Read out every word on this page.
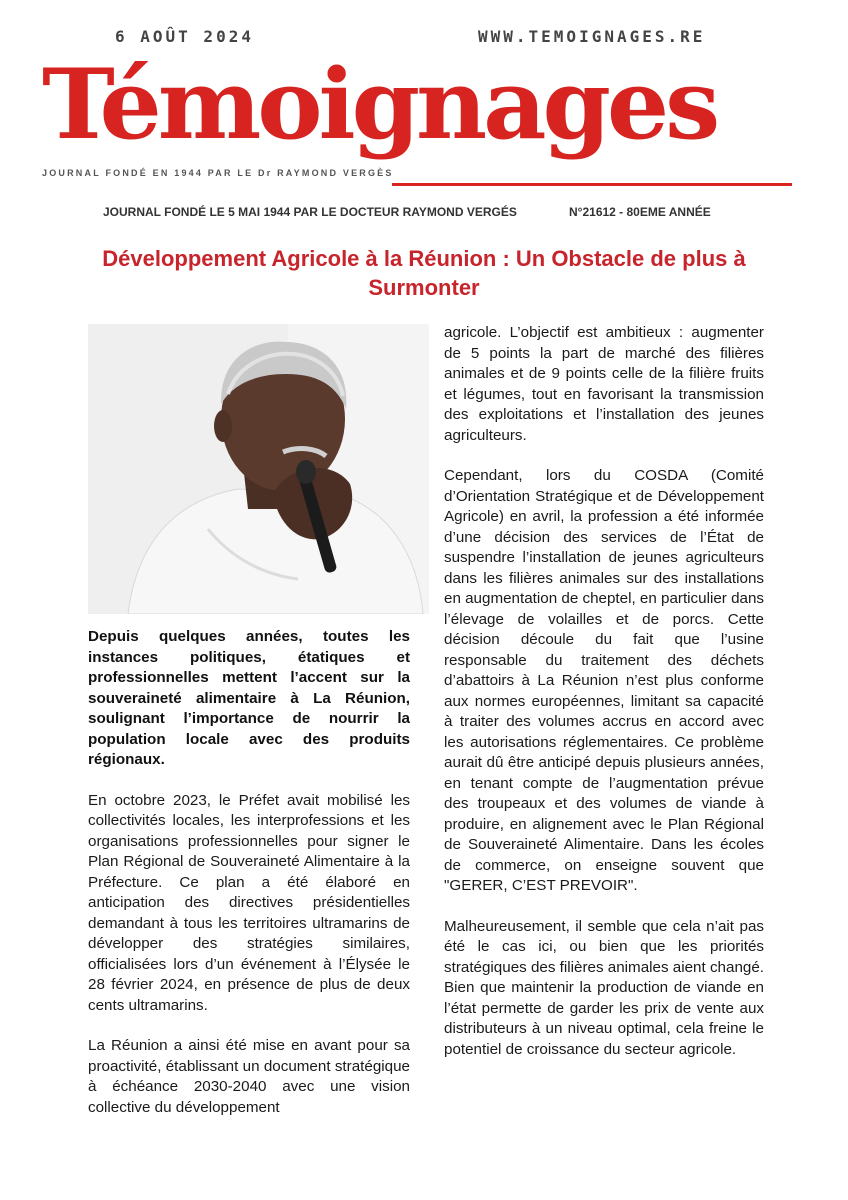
6 AOÛT 2024	WWW.TEMOIGNAGES.RE
Témoignages
JOURNAL FONDÉ EN 1944 PAR LE Dr RAYMOND VERGÈS
JOURNAL FONDÉ LE 5 MAI 1944 PAR LE DOCTEUR RAYMOND VERGÉS	N°21612 - 80EME ANNÉE
Développement Agricole à la Réunion : Un Obstacle de plus à Surmonter

Depuis quelques années, toutes les instances politiques, étatiques et professionnelles mettent l’accent sur la souveraineté alimentaire à La Réunion, soulignant l’importance de nourrir la population locale avec des produits régionaux.

En octobre 2023, le Préfet avait mobilisé les collectivités locales, les interprofessions et les organisations professionnelles pour signer le Plan Régional de Souveraineté Alimentaire à la Préfecture. Ce plan a été élaboré en anticipation des directives présidentielles demandant à tous les territoires ultramarins de développer des stratégies similaires, officialisées lors d’un événement à l’Élysée le 28 février 2024, en présence de plus de deux cents ultramarins.

La Réunion a ainsi été mise en avant pour sa proactivité, établissant un document stratégique à échéance 2030-2040 avec une vision collective du développement

agricole. L’objectif est ambitieux : augmenter de 5 points la part de marché des filières animales et de 9 points celle de la filière fruits et légumes, tout en favorisant la transmission des exploitations et l’installation des jeunes agriculteurs.

Cependant, lors du COSDA (Comité d’Orientation Stratégique et de Développement Agricole) en avril, la profession a été informée d’une décision des services de l’État de suspendre l’installation de jeunes agriculteurs dans les filières animales sur des installations en augmentation de cheptel, en particulier dans l’élevage de volailles et de porcs. Cette décision découle du fait que l’usine responsable du traitement des déchets d’abattoirs à La Réunion n’est plus conforme aux normes européennes, limitant sa capacité à traiter des volumes accrus en accord avec les autorisations réglementaires. Ce problème aurait dû être anticipé depuis plusieurs années, en tenant compte de l’augmentation prévue des troupeaux et des volumes de viande à produire, en alignement avec le Plan Régional de Souveraineté Alimentaire. Dans les écoles de commerce, on enseigne souvent que "GERER, C’EST PREVOIR".

Malheureusement, il semble que cela n’ait pas été le cas ici, ou bien que les priorités stratégiques des filières animales aient changé. Bien que maintenir la production de viande en l’état permette de garder les prix de vente aux distributeurs à un niveau optimal, cela freine le potentiel de croissance du secteur agricole.
